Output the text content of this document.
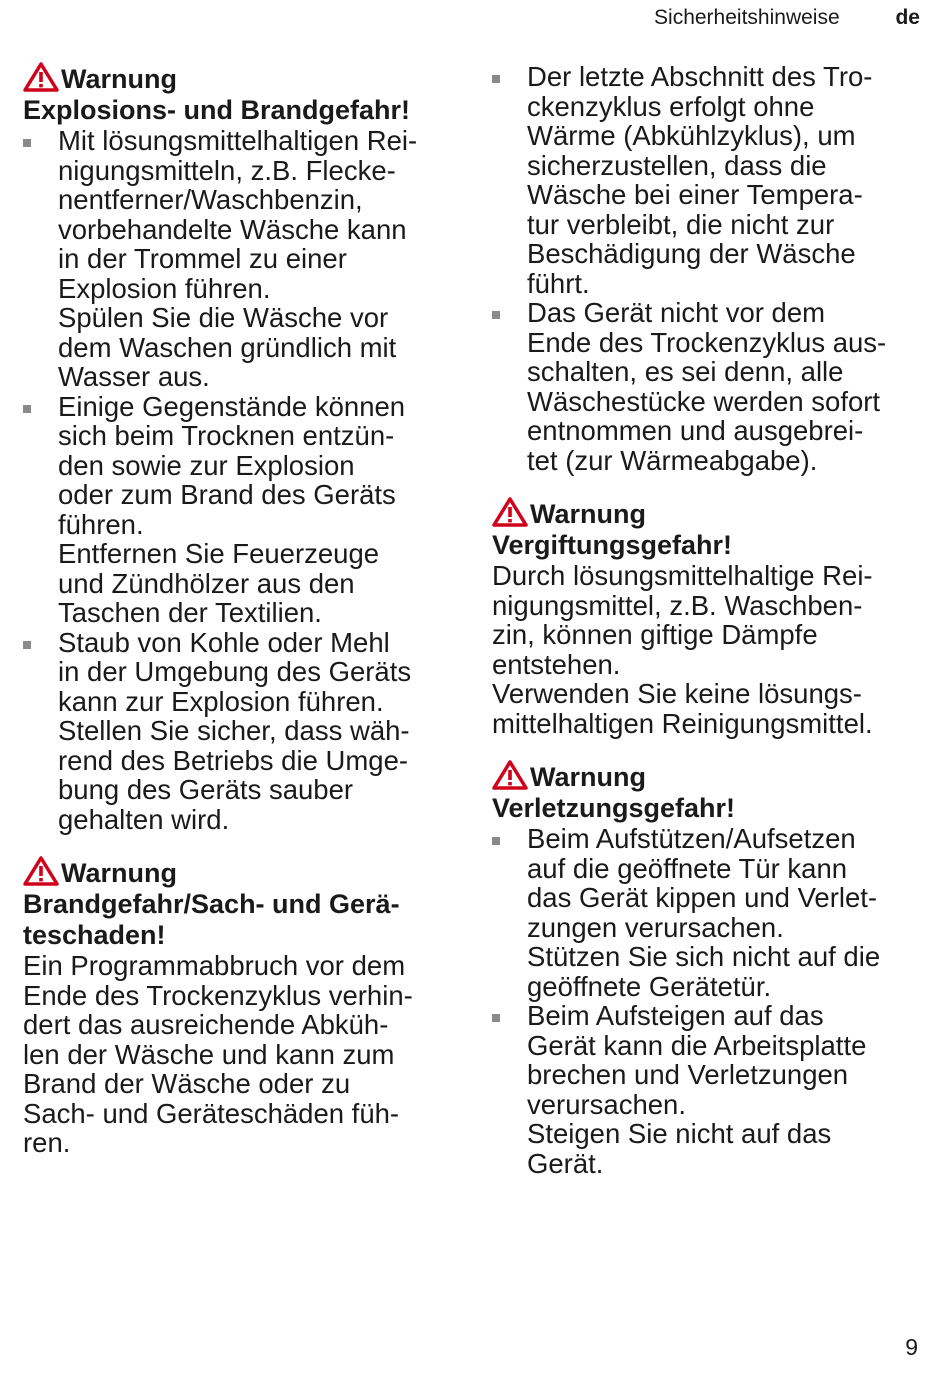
Sicherheitshinweise	de
Warnung
Explosions- und Brandgefahr!

Mit lösungsmittelhaltigen Rei-
nigungsmitteln, z.B. Flecke-
nentferner/Waschbenzin,
vorbehandelte Wäsche kann
in der Trommel zu einer
Explosion führen.
Spülen Sie die Wäsche vor
dem Waschen gründlich mit
Wasser aus.

Einige Gegenstände können
sich beim Trocknen entzün-
den sowie zur Explosion
oder zum Brand des Geräts
führen.
Entfernen Sie Feuerzeuge
und Zündhölzer aus den
Taschen der Textilien.

Staub von Kohle oder Mehl
in der Umgebung des Geräts
kann zur Explosion führen.
Stellen Sie sicher, dass wäh-
rend des Betriebs die Umge-
bung des Geräts sauber
gehalten wird.

Warnung
Brandgefahr/Sach- und Gerä-
teschaden!

Ein Programmabbruch vor dem
Ende des Trockenzyklus verhin-
dert das ausreichende Abküh-
len der Wäsche und kann zum
Brand der Wäsche oder zu
Sach- und Geräteschäden füh-
ren.

Der letzte Abschnitt des Tro-
ckenzyklus erfolgt ohne
Wärme (Abkühlzyklus), um
sicherzustellen, dass die
Wäsche bei einer Tempera-
tur verbleibt, die nicht zur
Beschädigung der Wäsche
führt.

Das Gerät nicht vor dem
Ende des Trockenzyklus aus-
schalten, es sei denn, alle
Wäschestücke werden sofort
entnommen und ausgebrei-
tet (zur Wärmeabgabe).

Warnung
Vergiftungsgefahr!

Durch lösungsmittelhaltige Rei-
nigungsmittel, z.B. Waschben-
zin, können giftige Dämpfe
entstehen.
Verwenden Sie keine lösungs-
mittelhaltigen Reinigungsmittel.

Warnung
Verletzungsgefahr!

Beim Aufstützen/Aufsetzen
auf die geöffnete Tür kann
das Gerät kippen und Verlet-
zungen verursachen.
Stützen Sie sich nicht auf die
geöffnete Gerätetür.

Beim Aufsteigen auf das
Gerät kann die Arbeitsplatte
brechen und Verletzungen
verursachen.
Steigen Sie nicht auf das
Gerät.

9
